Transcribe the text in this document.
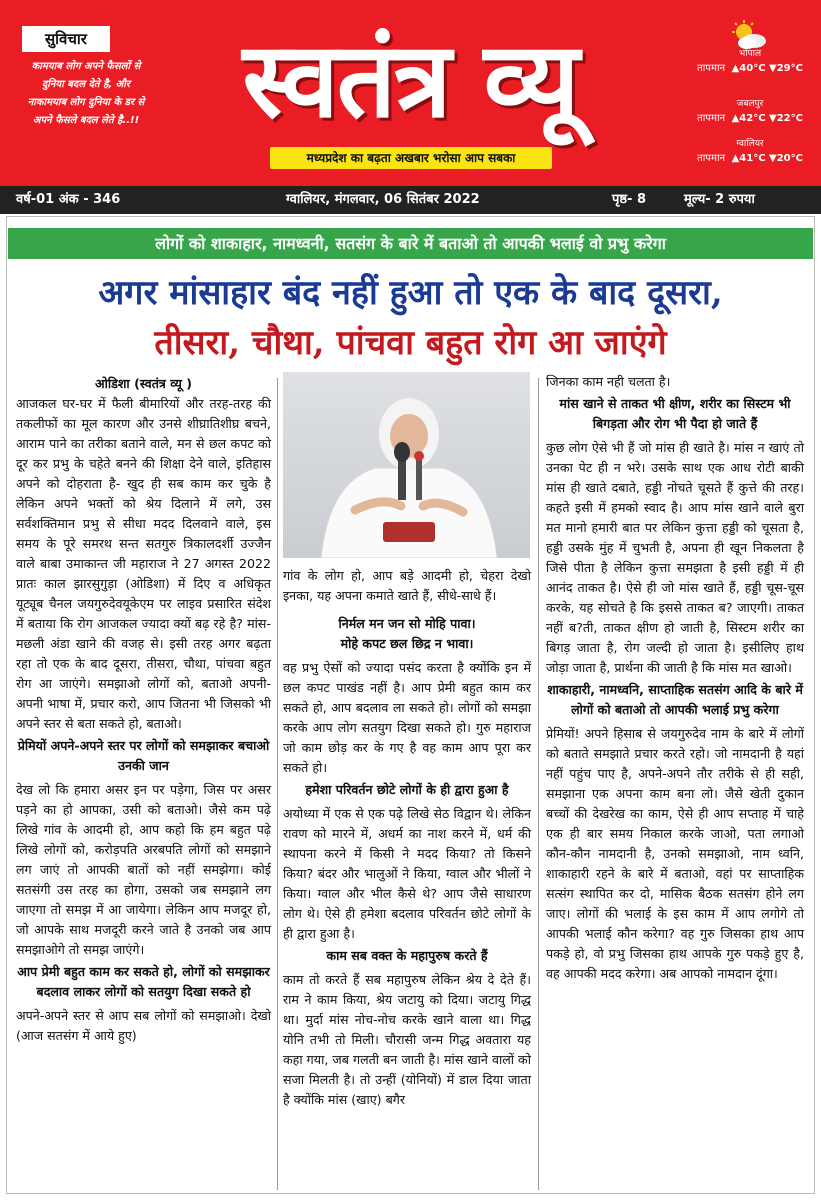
सुविचार
कामयाब लोग अपने फैसलों से दुनिया बदल देते है, और नाकामयाब लोग दुनिया के डर से अपने फैसले बदल लेते है..!! स्वतंत्र व्यू
मध्यप्रदेश का बढ़ता अखबार भरोसा आप सबका
भोपाल
तापमान ▲40°C ▼29°C
जबलपुर
तापमान ▲42°C ▼22°C
ग्वालियर
तापमान ▲41°C ▼20°C
वर्ष-01 अंक - 346	ग्वालियर, मंगलवार, 06 सितंबर 2022	पृष्ठ- 8	मूल्य- 2 रुपया
लोगों को शाकाहार, नामध्वनी, सतसंग के बारे में बताओ तो आपकी भलाई वो प्रभु करेगा
अगर मांसाहार बंद नहीं हुआ तो एक के बाद दूसरा,
तीसरा, चौथा, पांचवा बहुत रोग आ जाएंगे
ओडिशा (स्वतंत्र व्यू )

आजकल घर-घर में फैली बीमारियों और तरह-तरह की तकलीफों का मूल कारण और उनसे शीघ्रातिशीघ्र बचने, आराम पाने का तरीका बताने वाले, मन से छल कपट को दूर कर प्रभु के चहेते बनने की शिक्षा देने वाले, इतिहास अपने को दोहराता है- खुद ही सब काम कर चुके है लेकिन अपने भक्तों को श्रेय दिलाने में लगे, उस सर्वशक्तिमान प्रभु से सीधा मदद दिलवाने वाले, इस समय के पूरे समरथ सन्त सतगुरु त्रिकालदर्शी उज्जैन वाले बाबा उमाकान्त जी महाराज ने 27 अगस्त 2022 प्रातः काल झारसुगुड़ा (ओडिशा) में दिए व अधिकृत यूट्यूब चैनल जयगुरुदेवयूकेएम पर लाइव प्रसारित संदेश में बताया कि रोग आजकल ज्यादा क्यों बढ़ रहे है? मांस-मछली अंडा खाने की वजह से। इसी तरह अगर बढ़ता रहा तो एक के बाद दूसरा, तीसरा, चौथा, पांचवा बहुत रोग आ जाएंगे। समझाओ लोगों को, बताओ अपनी-अपनी भाषा में, प्रचार करो, आप जितना भी जिसको भी अपने स्तर से बता सकते हो, बताओ।

प्रेमियों अपने-अपने स्तर पर लोगों को समझाकर बचाओ उनकी जान

देख लो कि हमारा असर इन पर पड़ेगा, जिस पर असर पड़ने का हो आपका, उसी को बताओ। जैसे कम पढ़े लिखे गांव के आदमी हो, आप कहो कि हम बहुत पढ़े लिखे लोगों को, करोड़पति अरबपति लोगों को समझाने लग जाएं तो आपकी बातों को नहीं समझेगा। कोई सतसंगी उस तरह का होगा, उसको जब समझाने लग जाएगा तो समझ में आ जायेगा। लेकिन आप मजदूर हो, जो आपके साथ मजदूरी करने जाते है उनको जब आप समझाओगे तो समझ जाएंगे।

आप प्रेमी बहुत काम कर सकते हो, लोगों को समझाकर बदलाव लाकर लोगों को सतयुग दिखा सकते हो

अपने-अपने स्तर से आप सब लोगों को समझाओ। देखो (आज सतसंग में आये हुए)

गांव के लोग हो, आप बड़े आदमी हो, चेहरा देखो इनका, यह अपना कमाते खाते हैं, सीधे-साधे हैं।

निर्मल मन जन सो मोहि पावा।
मोहे कपट छल छिद्र न भावा।

वह प्रभु ऐसों को ज्यादा पसंद करता है क्योंकि इन में छल कपट पाखंड नहीं है। आप प्रेमी बहुत काम कर सकते हो, आप बदलाव ला सकते हो। लोगों को समझा करके आप लोग सतयुग दिखा सकते हो। गुरु महाराज जो काम छोड़ कर के गए है वह काम आप पूरा कर सकते हो।

हमेशा परिवर्तन छोटे लोगों के ही द्वारा हुआ है

अयोध्या में एक से एक पढ़े लिखे सेठ विद्वान थे। लेकिन रावण को मारने में, अधर्म का नाश करने में, धर्म की स्थापना करने में किसी ने मदद किया? तो किसने किया? बंदर और भालुओं ने किया, ग्वाल और भीलों ने किया। ग्वाल और भील कैसे थे? आप जैसे साधारण लोग थे। ऐसे ही हमेशा बदलाव परिवर्तन छोटे लोगों के ही द्वारा हुआ है।

काम सब वक्त के महापुरुष करते हैं

काम तो करते हैं सब महापुरुष लेकिन श्रेय दे देते हैं। राम ने काम किया, श्रेय जटायु को दिया। जटायु गिद्ध था। मुर्दा मांस नोच-नोच करके खाने वाला था। गिद्ध योनि तभी तो मिली। चौरासी जन्म गिद्ध अवतारा यह कहा गया, जब गलती बन जाती है। मांस खाने वालों को सजा मिलती है। तो उन्हीं (योनियों) में डाल दिया जाता है क्योंकि मांस (खाए) बगैर

जिनका काम नही चलता है।

मांस खाने से ताकत भी क्षीण, शरीर का सिस्टम भी बिगड़ता और रोग भी पैदा हो जाते हैं

कुछ लोग ऐसे भी हैं जो मांस ही खाते है। मांस न खाएं तो उनका पेट ही न भरे। उसके साथ एक आध रोटी बाकी मांस ही खाते दबाते, हड्डी नोचते चूसते हैं कुत्ते की तरह। कहते इसी में हमको स्वाद है। आप मांस खाने वाले बुरा मत मानो हमारी बात पर लेकिन कुत्ता हड्डी को चूसता है, हड्डी उसके मुंह में चुभती है, अपना ही खून निकलता है जिसे पीता है लेकिन कुत्ता समझता है इसी हड्डी में ही आनंद ताकत है। ऐसे ही जो मांस खाते हैं, हड्डी चूस-चूस करके, यह सोचते है कि इससे ताकत ब? जाएगी। ताकत नहीं ब?ती, ताकत क्षीण हो जाती है, सिस्टम शरीर का बिगड़ जाता है, रोग जल्दी हो जाता है। इसीलिए हाथ जोड़ा जाता है, प्रार्थना की जाती है कि मांस मत खाओ।

शाकाहारी, नामध्वनि, साप्ताहिक सतसंग आदि के बारे में लोगों को बताओ तो आपकी भलाई प्रभु करेगा

प्रेमियों! अपने हिसाब से जयगुरुदेव नाम के बारे में लोगों को बताते समझाते प्रचार करते रहो। जो नामदानी है यहां नहीं पहुंच पाए है, अपने-अपने तौर तरीके से ही सही, समझाना एक अपना काम बना लो। जैसे खेती दुकान बच्चों की देखरेख का काम, ऐसे ही आप सप्ताह में चाहे एक ही बार समय निकाल करके जाओ, पता लगाओ कौन-कौन नामदानी है, उनको समझाओ, नाम ध्वनि, शाकाहारी रहने के बारे में बताओ, वहां पर साप्ताहिक सत्संग स्थापित कर दो, मासिक बैठक सतसंग होने लग जाए। लोगों की भलाई के इस काम में आप लगोगे तो आपकी भलाई कौन करेगा? वह गुरु जिसका हाथ आप पकड़े हो, वो प्रभु जिसका हाथ आपके गुरु पकड़े हुए है, वह आपकी मदद करेगा। अब आपको नामदान दूंगा।
